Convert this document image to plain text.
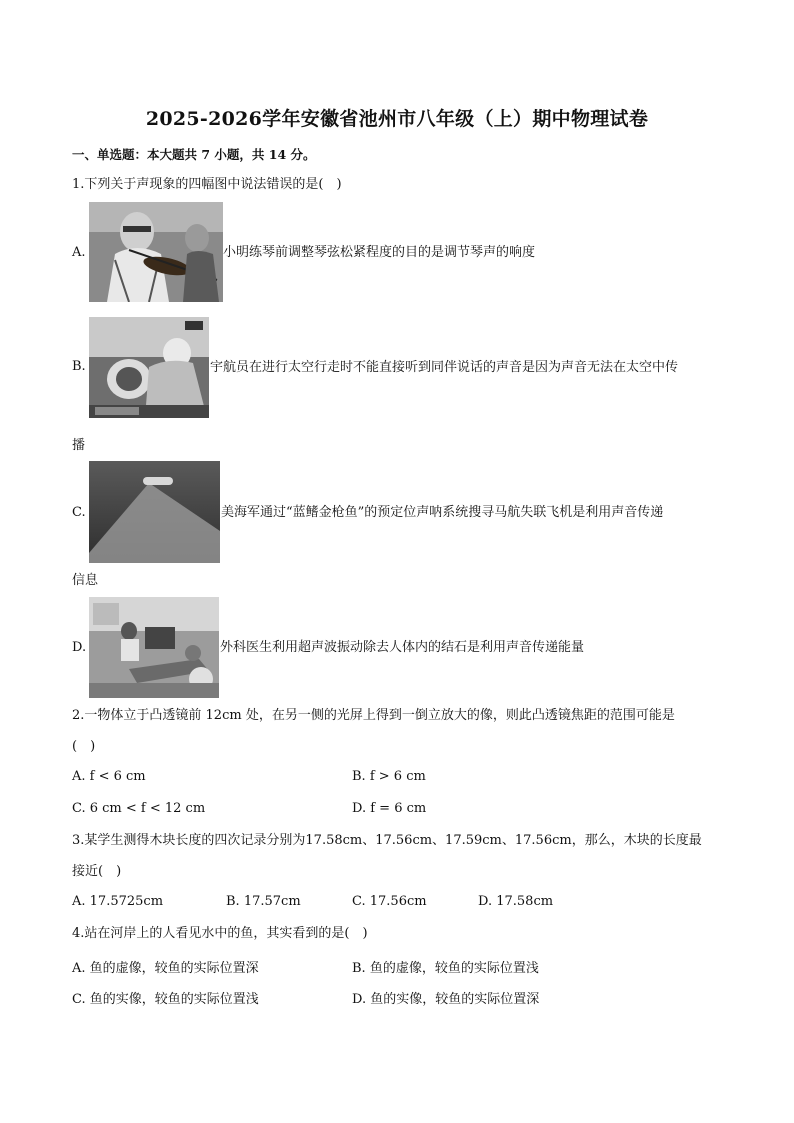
2025-2026学年安徽省池州市八年级（上）期中物理试卷
一、单选题：本大题共 7 小题，共 14 分。
1.下列关于声现象的四幅图中说法错误的是(　)
A.	小明练琴前调整琴弦松紧程度的目的是调节琴声的响度
B.	宇航员在进行太空行走时不能直接听到同伴说话的声音是因为声音无法在太空中传
播
C.	美海军通过“蓝鳍金枪鱼”的预定位声呐系统搜寻马航失联飞机是利用声音传递
信息
D.	外科医生利用超声波振动除去人体内的结石是利用声音传递能量
2.一物体立于凸透镜前 12cm 处，在另一侧的光屏上得到一倒立放大的像，则此凸透镜焦距的范围可能是
(　)
A. f < 6 cm	B. f > 6 cm
C. 6 cm < f < 12 cm	D. f = 6 cm
3.某学生测得木块长度的四次记录分别为17.58cm、17.56cm、17.59cm、17.56cm，那么，木块的长度最
接近(　)
A. 17.5725cm	B. 17.57cm	C. 17.56cm	D. 17.58cm
4.站在河岸上的人看见水中的鱼，其实看到的是(　)
A. 鱼的虚像，较鱼的实际位置深	B. 鱼的虚像，较鱼的实际位置浅
C. 鱼的实像，较鱼的实际位置浅	D. 鱼的实像，较鱼的实际位置深
